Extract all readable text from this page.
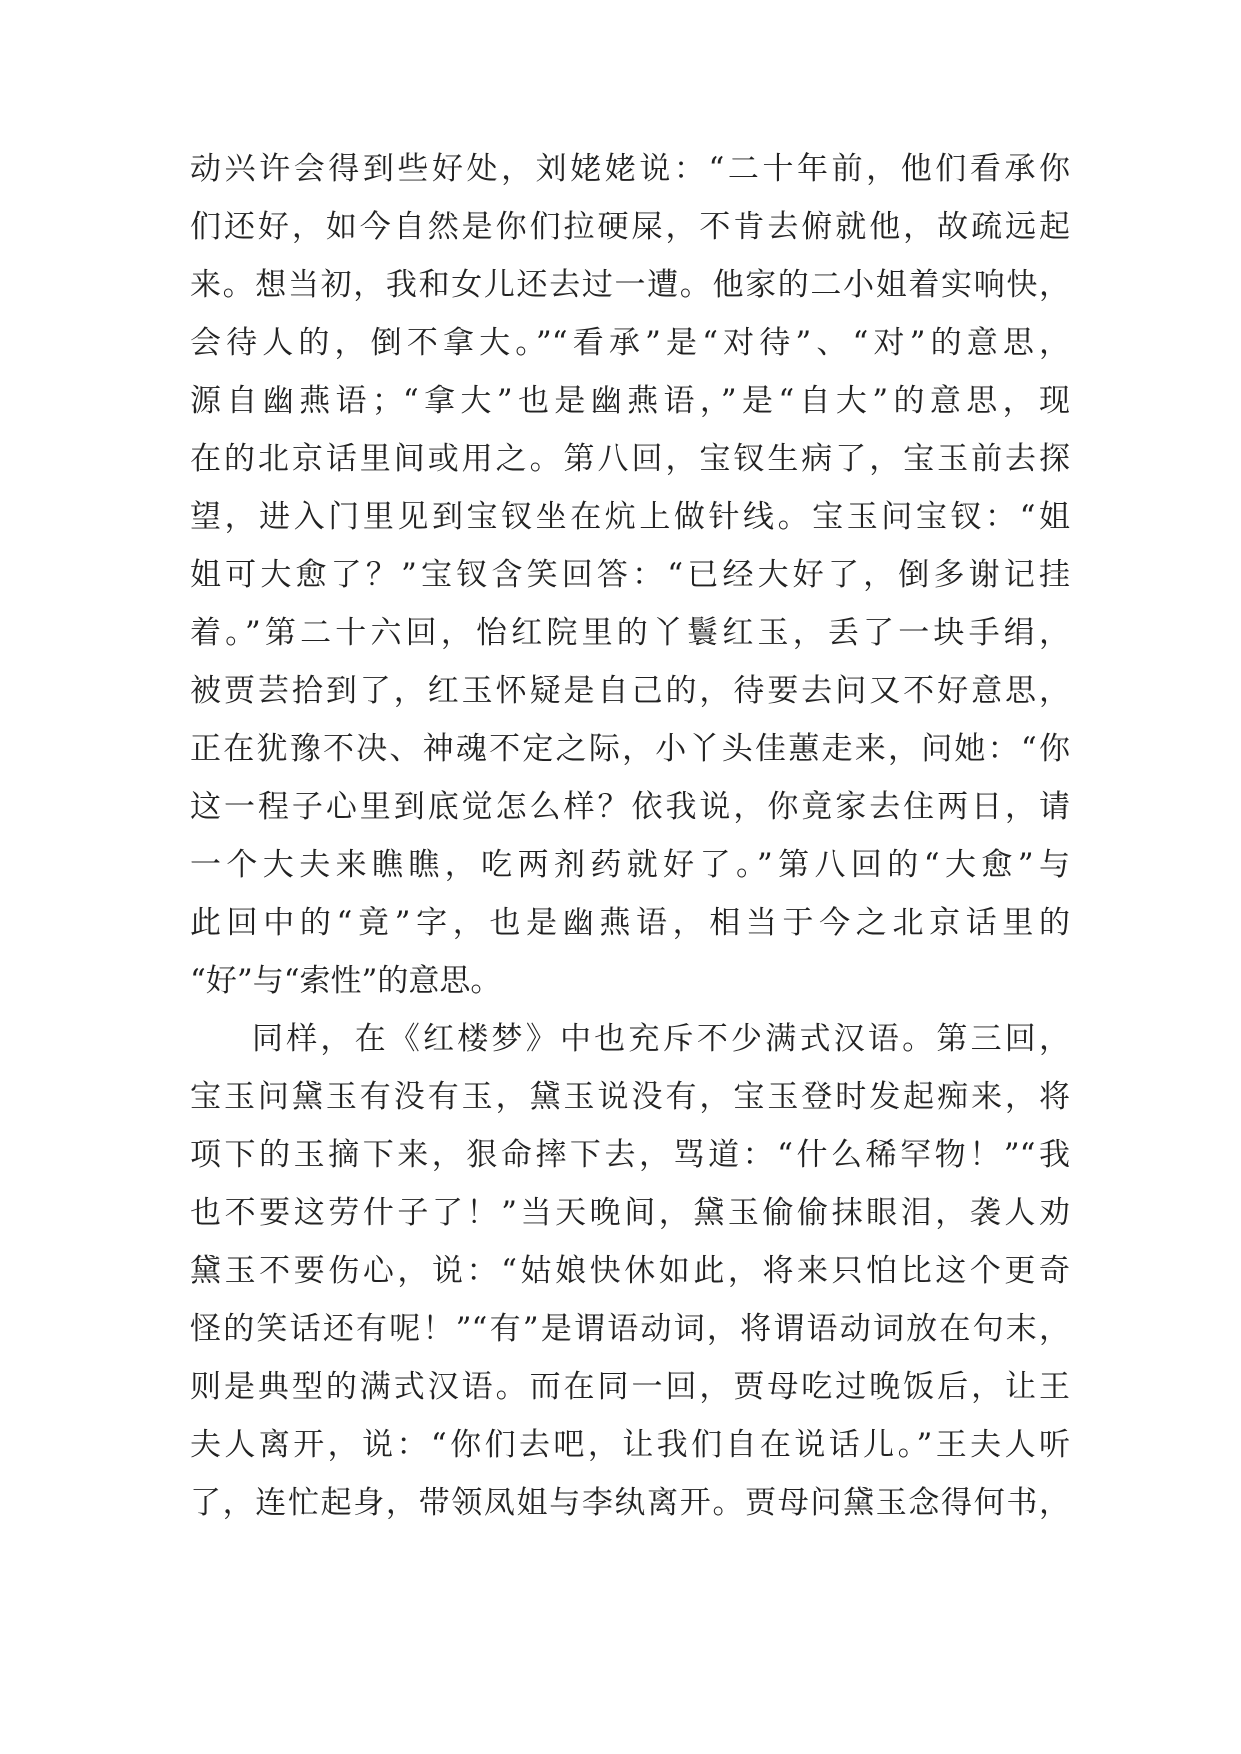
动兴许会得到些好处，刘姥姥说：“二十年前，他们看承你
们还好，如今自然是你们拉硬屎，不肯去俯就他，故疏远起
来。想当初，我和女儿还去过一遭。他家的二小姐着实响快，
会待人的，倒不拿大。”“看承”是“对待”、“对”的意思，
源自幽燕语；“拿大”也是幽燕语，”是“自大”的意思，现
在的北京话里间或用之。第八回，宝钗生病了，宝玉前去探
望，进入门里见到宝钗坐在炕上做针线。宝玉问宝钗：“姐
姐可大愈了？”宝钗含笑回答：“已经大好了，倒多谢记挂
着。”第二十六回，怡红院里的丫鬟红玉，丢了一块手绢，
被贾芸拾到了，红玉怀疑是自己的，待要去问又不好意思，
正在犹豫不决、神魂不定之际，小丫头佳蕙走来，问她：“你
这一程子心里到底觉怎么样？依我说，你竟家去住两日，请
一个大夫来瞧瞧，吃两剂药就好了。”第八回的“大愈”与
此回中的“竟”字，也是幽燕语，相当于今之北京话里的
“好”与“索性”的意思。
同样，在《红楼梦》中也充斥不少满式汉语。第三回，
宝玉问黛玉有没有玉，黛玉说没有，宝玉登时发起痴来，将
项下的玉摘下来，狠命摔下去，骂道：“什么稀罕物！”“我
也不要这劳什子了！”当天晚间，黛玉偷偷抹眼泪，袭人劝
黛玉不要伤心，说：“姑娘快休如此，将来只怕比这个更奇
怪的笑话还有呢！”“有”是谓语动词，将谓语动词放在句末，
则是典型的满式汉语。而在同一回，贾母吃过晚饭后，让王
夫人离开，说：“你们去吧，让我们自在说话儿。”王夫人听
了，连忙起身，带领凤姐与李纨离开。贾母问黛玉念得何书，
